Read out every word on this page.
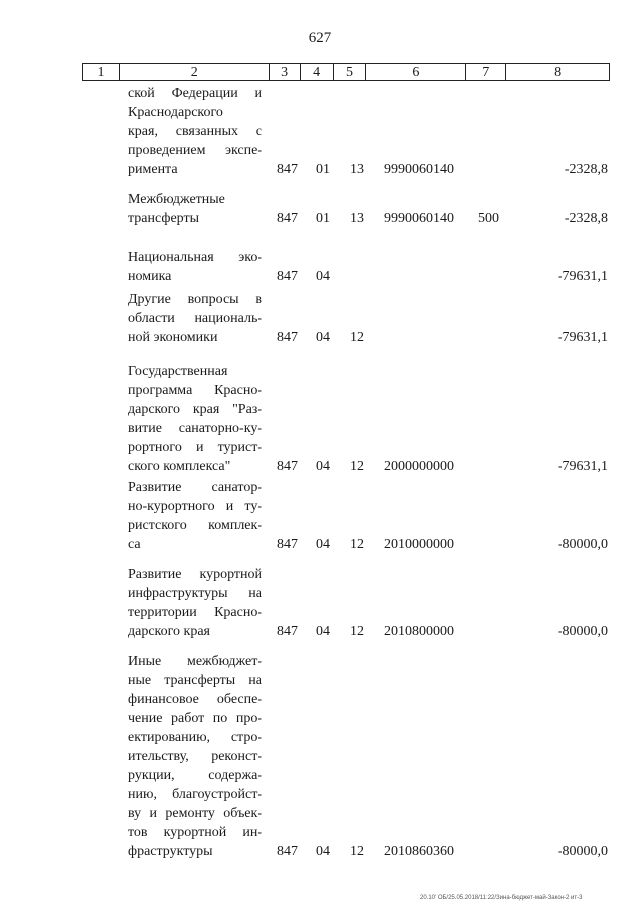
627
1	2	3	4	5	6	7	8
ской Федерации и
Краснодарского
края, связанных с
проведением экспе-
римента	847 01 13 9990060140	-2328,8
Межбюджетные
трансферты	847 01 13 9990060140 500	-2328,8
Национальная эко-
номика	847 04	-79631,1
Другие вопросы в
области националь-
ной экономики	847 04 12	-79631,1
Государственная
программа Красно-
дарского края "Раз-
витие санаторно-ку-
рортного и турист-
ского комплекса"	847 04 12 2000000000	-79631,1
Развитие санатор-
но-курортного и ту-
ристского комплек-
са	847 04 12 2010000000	-80000,0
Развитие курортной
инфраструктуры на
территории Красно-
дарского края	847 04 12 2010800000	-80000,0
Иные межбюджет-
ные трансферты на
финансовое обеспе-
чение работ по про-
ектированию, стро-
ительству, реконст-
рукции, содержа-
нию, благоустройст-
ву и ремонту объек-
тов курортной ин-
фраструктуры	847 04 12 2010860360	-80000,0
20.10' ОБ/25.05.2018/11:22/Зина-бюджет-май-Закон-2 ит-3
